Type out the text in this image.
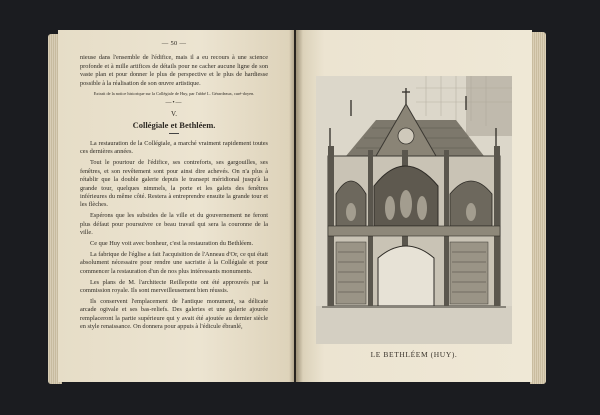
— 50 —

nieuse dans l'ensemble de l'édifice, mais il a eu recours à une science profonde et à mille artifices de détails pour ne cacher aucune ligne de son vaste plan et pour donner le plus de perspective et le plus de hardiesse possible à la réalisation de son œuvre artistique.

Extrait de la notice historique sur la Collégiale de Huy, par l'abbé L. Gérardeaux, curé-doyen.

—•—

V.

Collégiale et Bethléem.

La restauration de la Collégiale, a marché vraiment rapidement toutes ces dernières années.

Tout le pourtour de l'édifice, ses contreforts, ses gargouilles, ses fenêtres, et son revêtement sont pour ainsi dire achevés. On n'a plus à rétablir que la double galerie depuis le transept méridional jusqu'à la grande tour, quelques nimmels, la porte et les galets des fenêtres inférieures du même côté. Restera à entreprendre ensuite la grande tour et les flèches.

Espérons que les subsides de la ville et du gouvernement ne feront plus défaut pour poursuivre ce beau travail qui sera la couronne de la ville.

Ce que Huy voit avec bonheur, c'est la restauration du Bethléem.

La fabrique de l'église a fait l'acquisition de l'Anneau d'Or, ce qui était absolument nécessaire pour rendre une sacristie à la Collégiale et pour commencer la restauration d'un de nos plus intéressants monuments.

Les plans de M. l'architecte Reillepotte ont été approuvés par la commission royale. Ils sont merveilleusement bien réussis.

Ils conservent l'emplacement de l'antique monument, sa délicate arcade ogivale et ses bas-reliefs. Des galeries et une galerie ajourée remplaceront la partie supérieure qui y avait été ajoutée au dernier siècle en style renaissance. On donnera pour appuis à l'édicule ébranlé,

LE BETHLÉEM (HUY).
